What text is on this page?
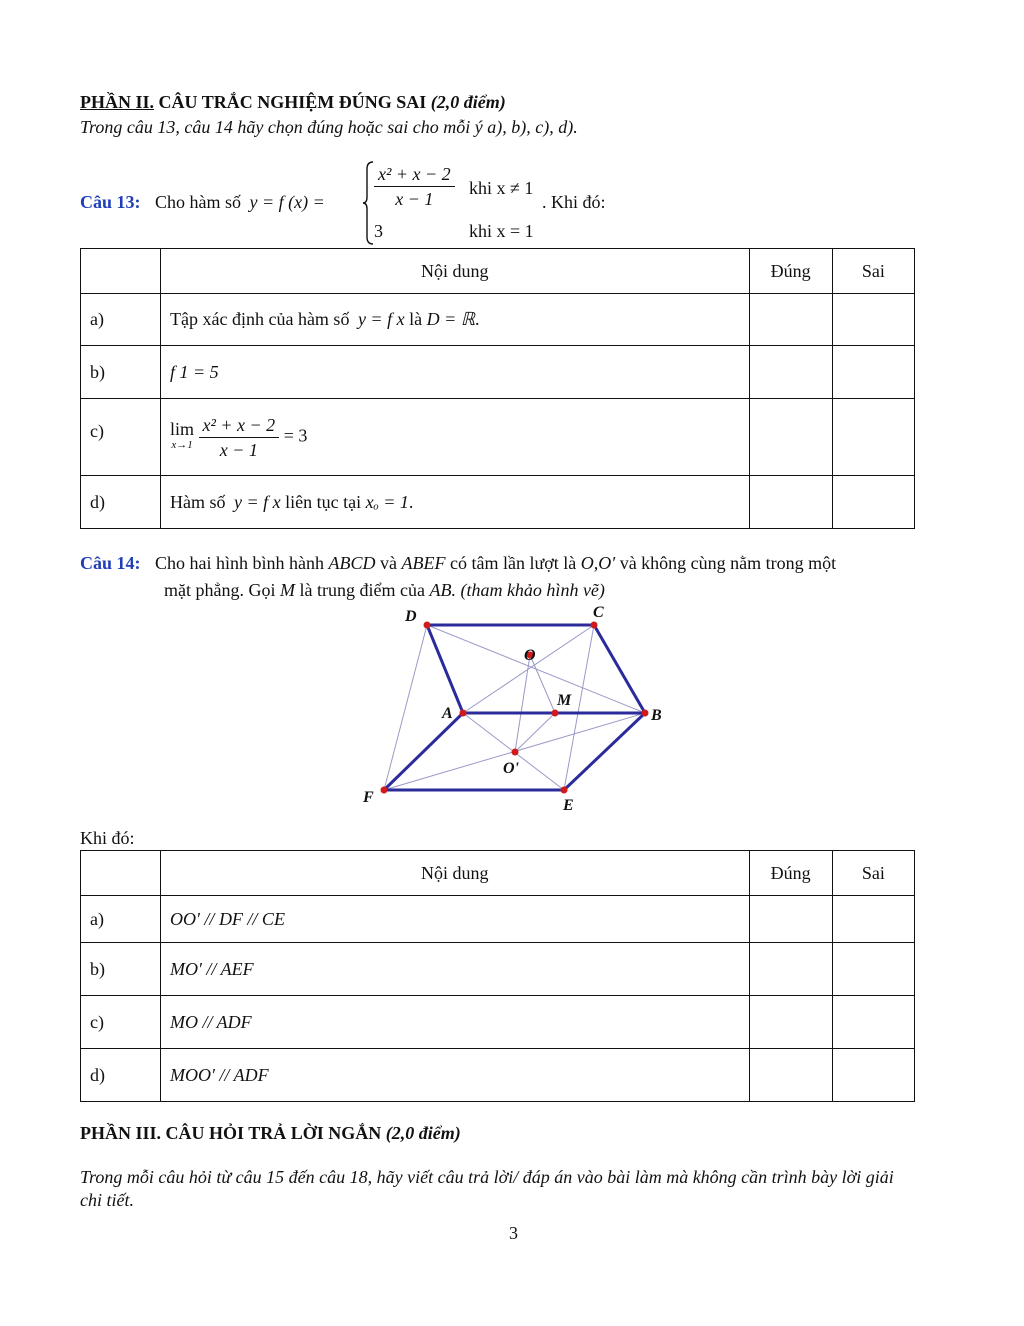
PHẦN II. CÂU TRẮC NGHIỆM ĐÚNG SAI (2,0 điểm)
Trong câu 13, câu 14 hãy chọn đúng hoặc sai cho mỗi ý a), b), c), d).
Câu 13: Cho hàm số y = f (x) =	$\frac{\text{x² + x − 2}}{x - 1}$ khi x ≠ 1
. Khi đó:
3	khi x = 1
	Nội dung	Đúng	Sai
a)	Tập xác định của hàm số y = f x là D = ℝ.		
b)	f 1 = 5		
c)	lim
x→1
$\frac{\text{x² + x − 2}}{x - 1} = 3$		
d)	Hàm số y = f x liên tục tại xₒ = 1.		
Câu 14: Cho hai hình bình hành ABCD và ABEF có tâm lần lượt là O,O′ và không cùng nằm trong một
mặt phẳng. Gọi M là trung điểm của AB. (tham khảo hình vẽ)
D	C
O
M
A	B
O'
F	E
Khi đó:
	Nội dung	Đúng	Sai
a)	OO′ // DF // CE		
b)	MO′ // AEF		
c)	MO // ADF		
d)	MOO′ // ADF		
PHẦN III. CÂU HỎI TRẢ LỜI NGẮN (2,0 điểm)
Trong mỗi câu hỏi từ câu 15 đến câu 18, hãy viết câu trả lời/ đáp án vào bài làm mà không cần trình bày lời giải
chi tiết.
3
